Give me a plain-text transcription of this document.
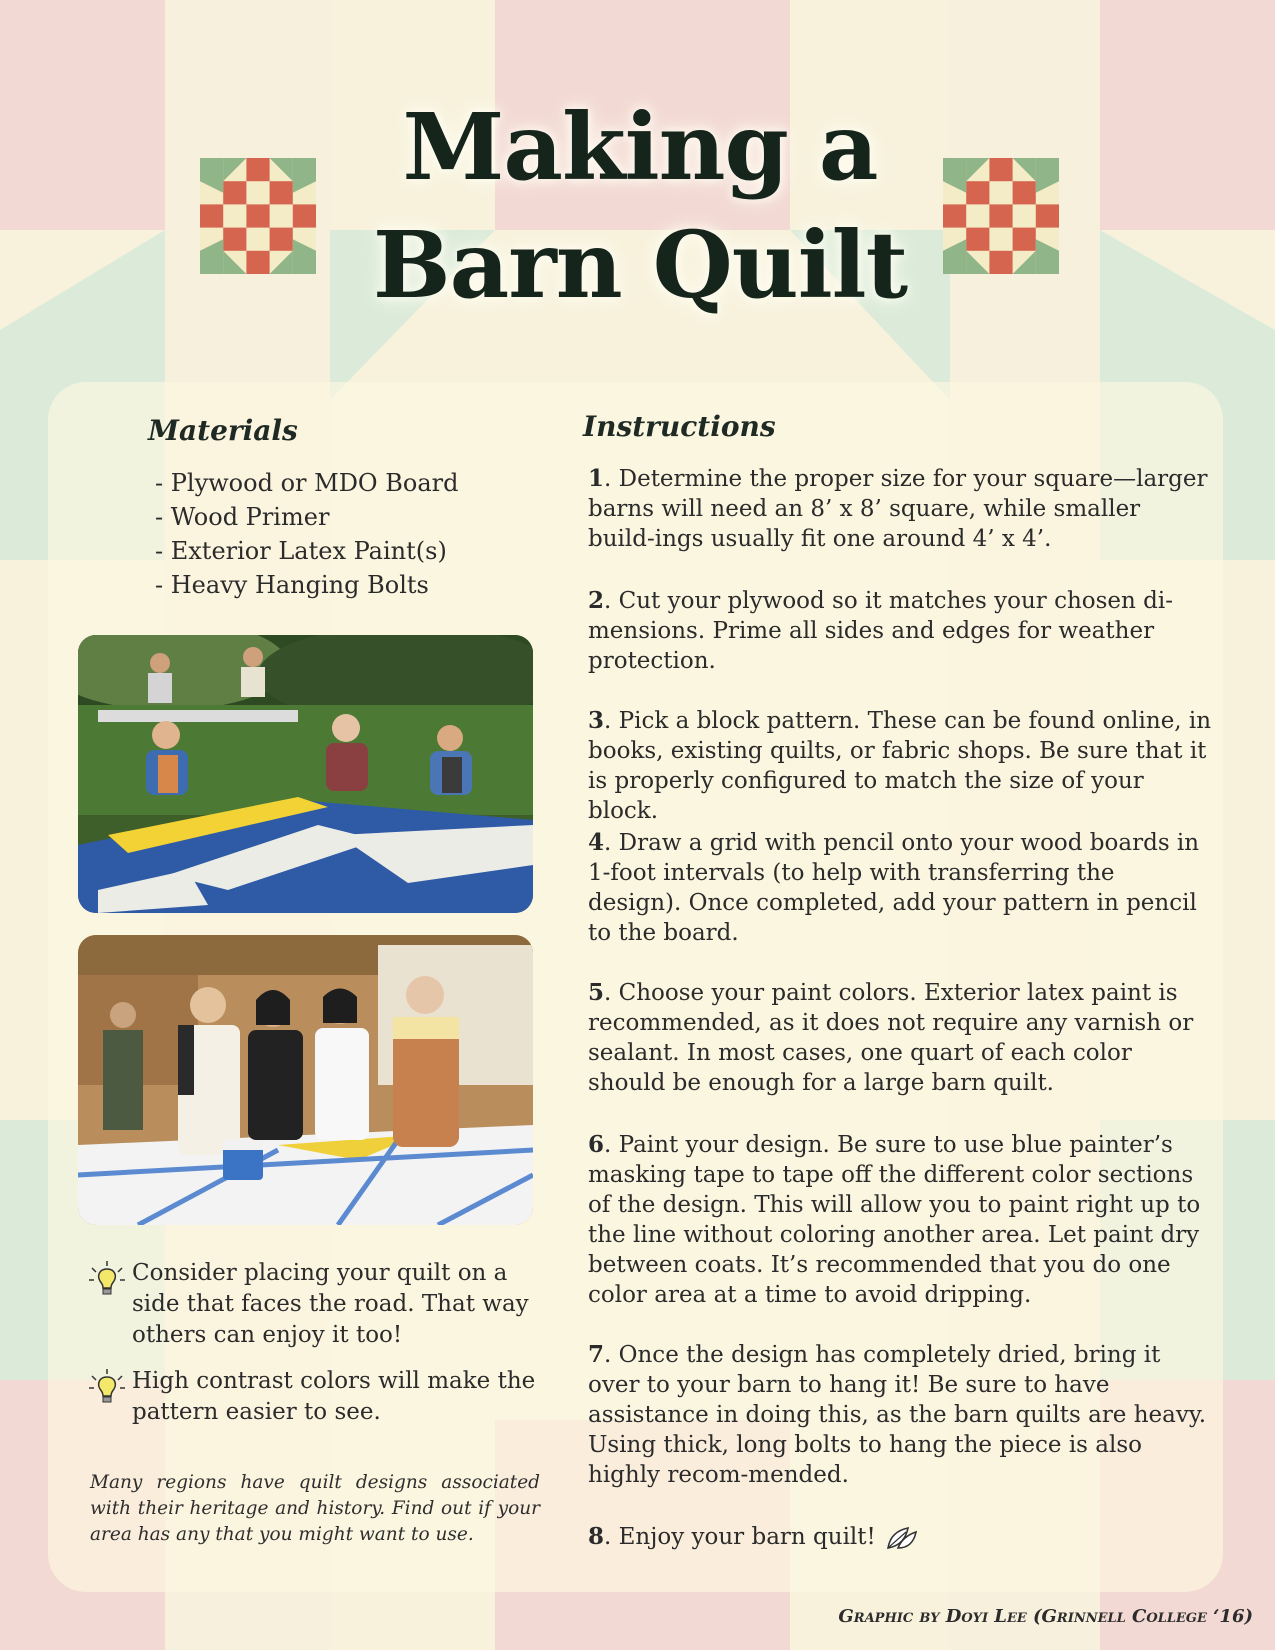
Making a
Barn Quilt
Materials
- Plywood or MDO Board
- Wood Primer
- Exterior Latex Paint(s)
- Heavy Hanging Bolts
Consider placing your quilt on a side that faces the road. That way others can enjoy it too!
High contrast colors will make the pattern easier to see.
Many regions have quilt designs associated with their heritage and history. Find out if your area has any that you might want to use.
Instructions

1. Determine the proper size for your square—larger barns will need an 8’ x 8’ square, while smaller build-ings usually fit one around 4’ x 4’.

2. Cut your plywood so it matches your chosen di-mensions. Prime all sides and edges for weather protection.

3. Pick a block pattern. These can be found online, in books, existing quilts, or fabric shops. Be sure that it is properly configured to match the size of your block.

4. Draw a grid with pencil onto your wood boards in 1-foot intervals (to help with transferring the design). Once completed, add your pattern in pencil to the board.

5. Choose your paint colors. Exterior latex paint is recommended, as it does not require any varnish or sealant. In most cases, one quart of each color should be enough for a large barn quilt.

6. Paint your design. Be sure to use blue painter’s masking tape to tape off the different color sections of the design. This will allow you to paint right up to the line without coloring another area. Let paint dry between coats. It’s recommended that you do one color area at a time to avoid dripping.

7. Once the design has completely dried, bring it over to your barn to hang it! Be sure to have assistance in doing this, as the barn quilts are heavy. Using thick, long bolts to hang the piece is also highly recom-mended.

8. Enjoy your barn quilt!

Graphic by Doyi Lee (Grinnell College ‘16)
